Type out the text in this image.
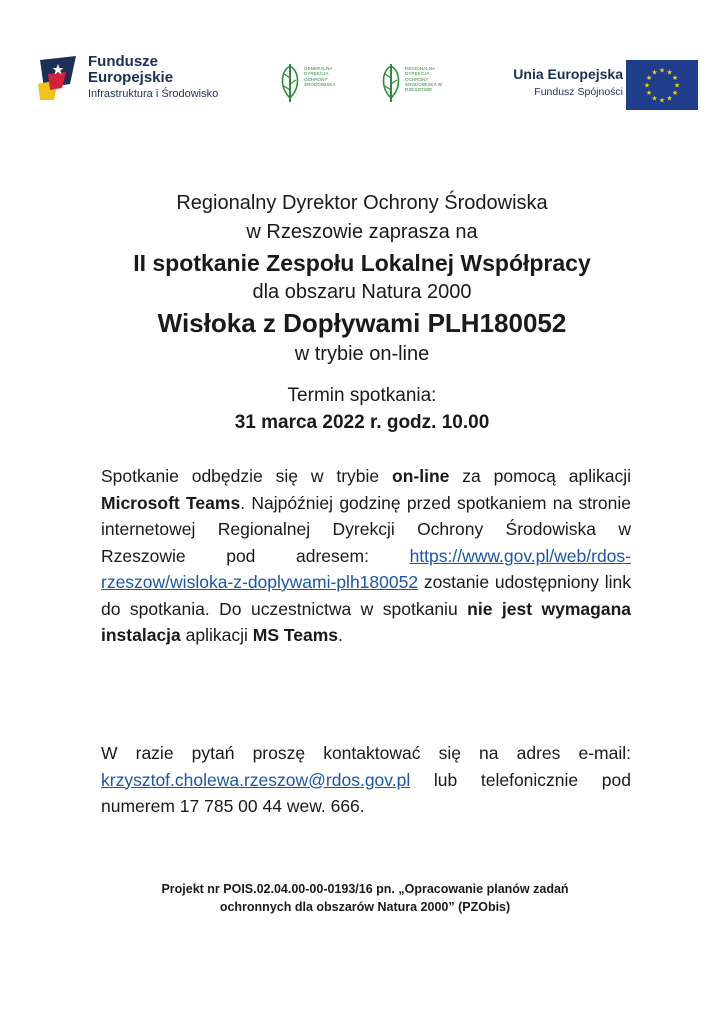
Fundusze
Europejskie
Infrastruktura i Środowisko
GENERALNA DYREKCJA OCHRONY ŚRODOWISKA
REGIONALNA DYREKCJA OCHRONY ŚRODOWISKA W RZESZOWIE
Unia Europejska
Fundusz Spójności
★ ★
★
★
★
★
★
★
★
★
★
★
Regionalny Dyrektor Ochrony Środowiska
w Rzeszowie zaprasza na
II spotkanie Zespołu Lokalnej Współpracy
dla obszaru Natura 2000
Wisłoka z Dopływami PLH180052
w trybie on-line
Termin spotkania:
31 marca 2022 r. godz. 10.00
Spotkanie odbędzie się w trybie on-line za pomocą aplikacji Microsoft Teams. Najpóźniej godzinę przed spotkaniem na stronie internetowej Regionalnej Dyrekcji Ochrony Środowiska w Rzeszowie pod adresem: https://www.gov.pl/web/rdos-rzeszow/wisloka-z-doplywami-plh180052 zostanie udostępniony link do spotkania. Do uczestnictwa w spotkaniu nie jest wymagana instalacja aplikacji MS Teams.
W razie pytań proszę kontaktować się na adres e-mail: krzysztof.cholewa.rzeszow@rdos.gov.pl lub telefonicznie pod numerem 17 785 00 44 wew. 666.
Projekt nr POIS.02.04.00-00-0193/16 pn. „Opracowanie planów zadań
ochronnych dla obszarów Natura 2000” (PZObis)
